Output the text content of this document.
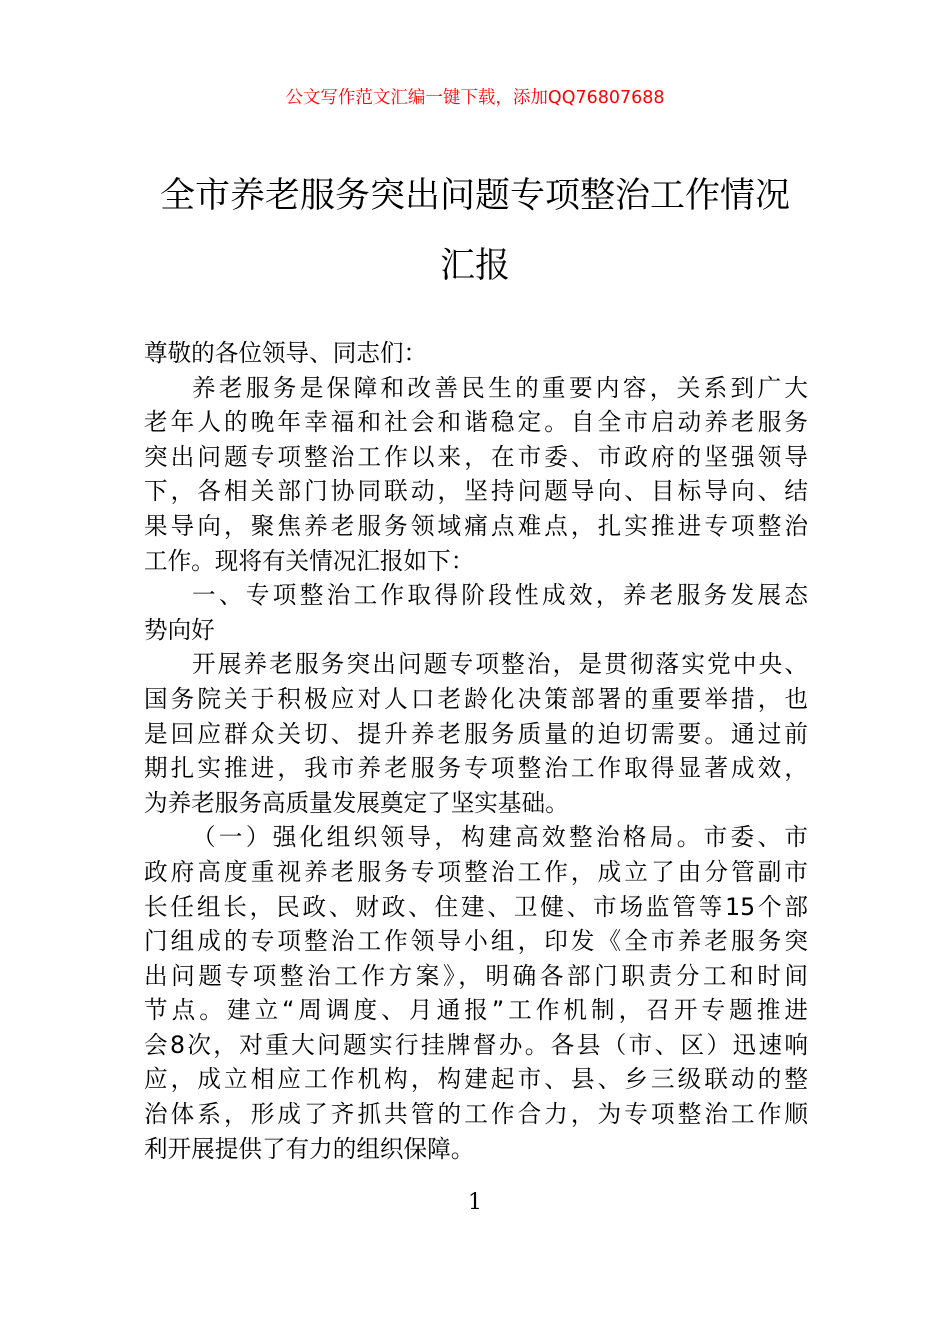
公文写作范文汇编一键下载，添加QQ76807688
全市养老服务突出问题专项整治工作情况
汇报
尊敬的各位领导、同志们：
养老服务是保障和改善民生的重要内容，关系到广大
老年人的晚年幸福和社会和谐稳定。自全市启动养老服务
突出问题专项整治工作以来，在市委、市政府的坚强领导
下，各相关部门协同联动，坚持问题导向、目标导向、结
果导向，聚焦养老服务领域痛点难点，扎实推进专项整治
工作。现将有关情况汇报如下：
一、专项整治工作取得阶段性成效，养老服务发展态
势向好
开展养老服务突出问题专项整治，是贯彻落实党中央、
国务院关于积极应对人口老龄化决策部署的重要举措，也
是回应群众关切、提升养老服务质量的迫切需要。通过前
期扎实推进，我市养老服务专项整治工作取得显著成效，
为养老服务高质量发展奠定了坚实基础。
（一）强化组织领导，构建高效整治格局。市委、市
政府高度重视养老服务专项整治工作，成立了由分管副市
长任组长，民政、财政、住建、卫健、市场监管等15个部
门组成的专项整治工作领导小组，印发《全市养老服务突
出问题专项整治工作方案》，明确各部门职责分工和时间
节点。建立“周调度、月通报”工作机制，召开专题推进
会8次，对重大问题实行挂牌督办。各县（市、区）迅速响
应，成立相应工作机构，构建起市、县、乡三级联动的整
治体系，形成了齐抓共管的工作合力，为专项整治工作顺
利开展提供了有力的组织保障。
1
